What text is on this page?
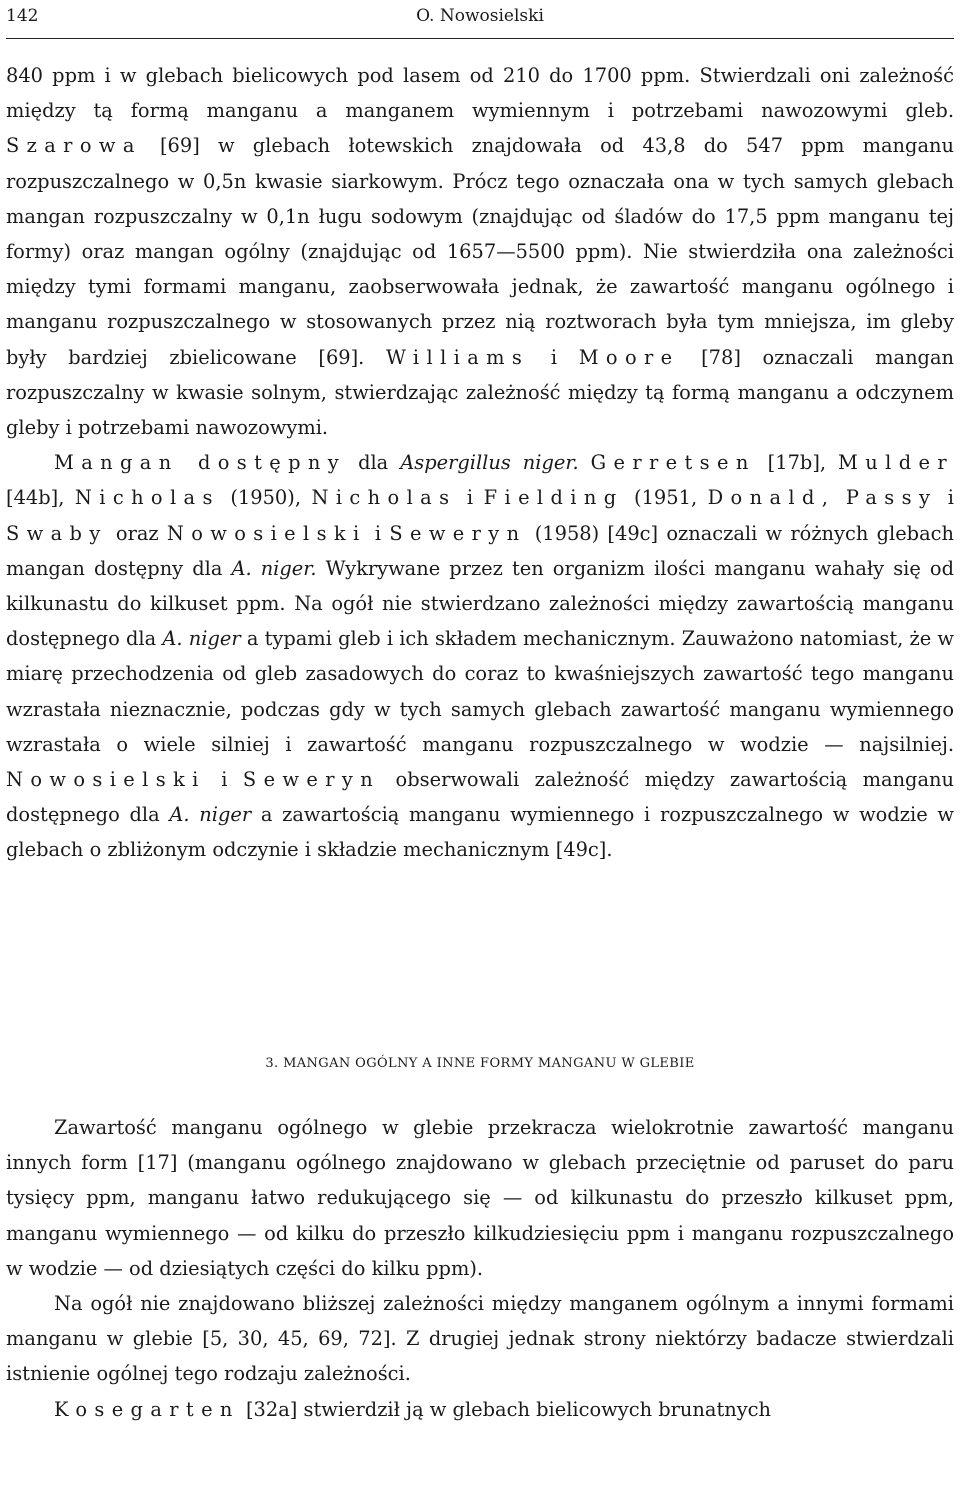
142	O. Nowosielski

840 ppm i w glebach bielicowych pod lasem od 210 do 1700 ppm. Stwierdzali oni zależność między tą formą manganu a manganem wymiennym i potrzebami nawozowymi gleb. Szarowa [69] w glebach łotewskich znajdowała od 43,8 do 547 ppm manganu rozpuszczalnego w 0,5n kwasie siarkowym. Prócz tego oznaczała ona w tych samych glebach mangan rozpuszczalny w 0,1n ługu sodowym (znajdując od śladów do 17,5 ppm manganu tej formy) oraz mangan ogólny (znajdując od 1657—5500 ppm). Nie stwierdziła ona zależności między tymi formami manganu, zaobserwowała jednak, że zawartość manganu ogólnego i manganu rozpuszczalnego w stosowanych przez nią roztworach była tym mniejsza, im gleby były bardziej zbielicowane [69]. Williams i Moore [78] oznaczali mangan rozpuszczalny w kwasie solnym, stwierdzając zależność między tą formą manganu a odczynem gleby i potrzebami nawozowymi.

Mangan dostępny dla Aspergillus niger. Gerretsen [17b], Mulder [44b], Nicholas (1950), Nicholas i Fielding (1951, Donald, Passy i Swaby oraz Nowosielski i Seweryn (1958) [49c] oznaczali w różnych glebach mangan dostępny dla A. niger. Wykrywane przez ten organizm ilości manganu wahały się od kilkunastu do kilkuset ppm. Na ogół nie stwierdzano zależności między zawartością manganu dostępnego dla A. niger a typami gleb i ich składem mechanicznym. Zauważono natomiast, że w miarę przechodzenia od gleb zasadowych do coraz to kwaśniejszych zawartość tego manganu wzrastała nieznacznie, podczas gdy w tych samych glebach zawartość manganu wymiennego wzrastała o wiele silniej i zawartość manganu rozpuszczalnego w wodzie — najsilniej. Nowosielski i Seweryn obserwowali zależność między zawartością manganu dostępnego dla A. niger a zawartością manganu wymiennego i rozpuszczalnego w wodzie w glebach o zbliżonym odczynie i składzie mechanicznym [49c].

3. MANGAN OGÓLNY A INNE FORMY MANGANU W GLEBIE

Zawartość manganu ogólnego w glebie przekracza wielokrotnie zawartość manganu innych form [17] (manganu ogólnego znajdowano w glebach przeciętnie od paruset do paru tysięcy ppm, manganu łatwo redukującego się — od kilkunastu do przeszło kilkuset ppm, manganu wymiennego — od kilku do przeszło kilkudziesięciu ppm i manganu rozpuszczalnego w wodzie — od dziesiątych części do kilku ppm).

Na ogół nie znajdowano bliższej zależności między manganem ogólnym a innymi formami manganu w glebie [5, 30, 45, 69, 72]. Z drugiej jednak strony niektórzy badacze stwierdzali istnienie ogólnej tego rodzaju zależności.

Kosegarten [32a] stwierdził ją w glebach bielicowych brunatnych
